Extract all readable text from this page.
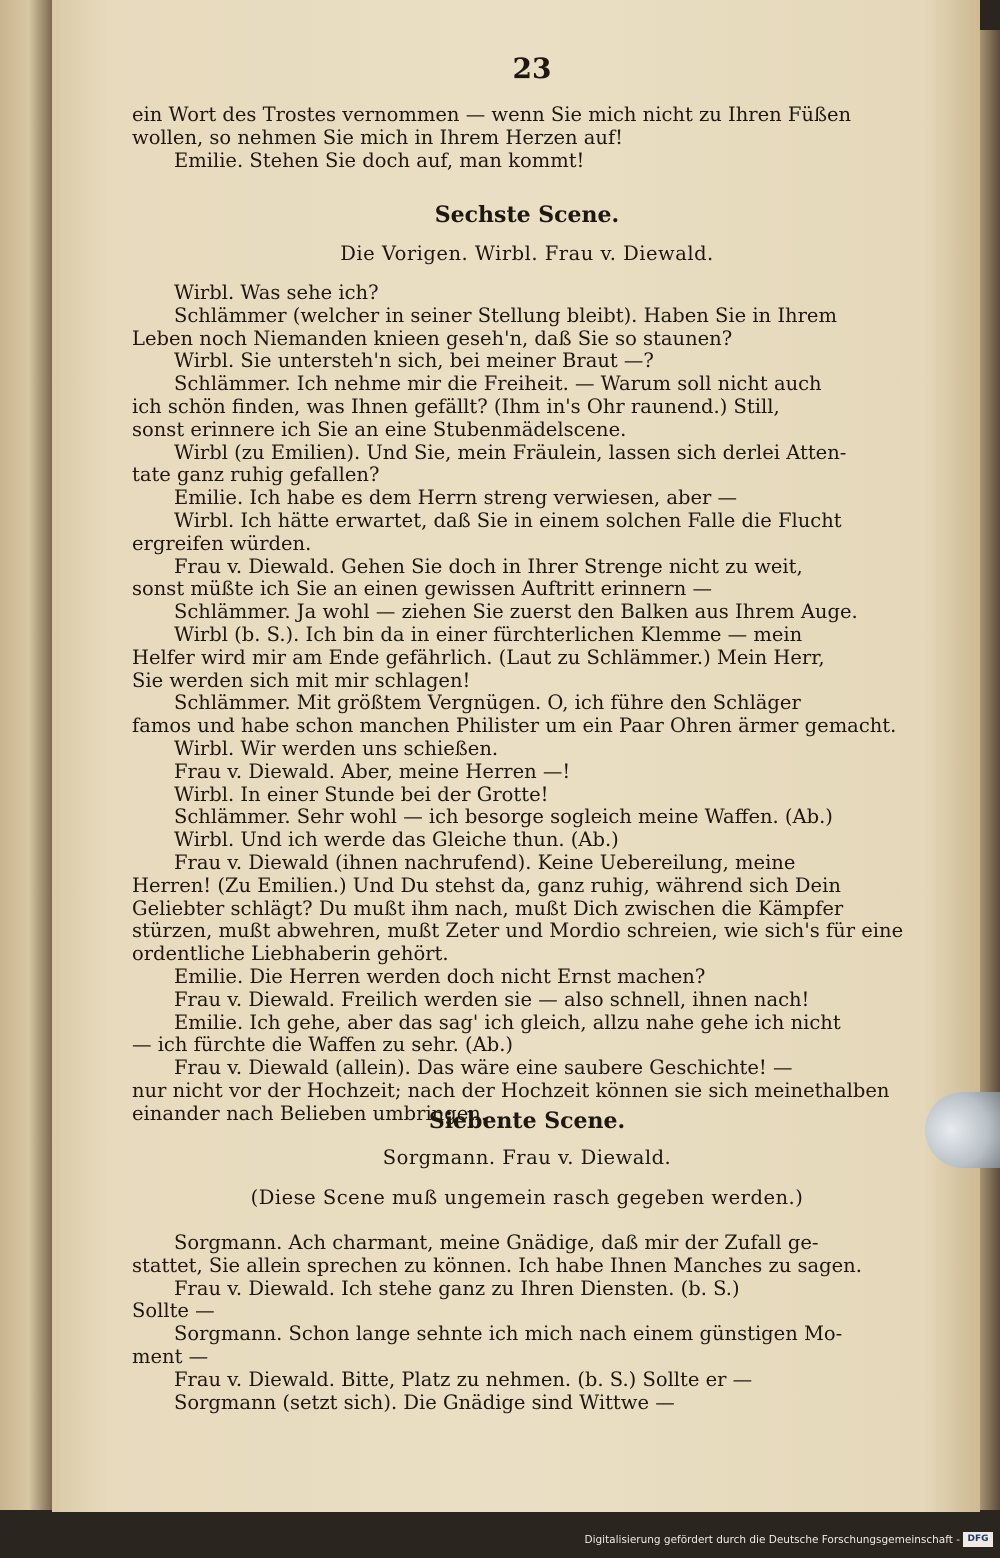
23
ein Wort des Trostes vernommen — wenn Sie mich nicht zu Ihren Füßen
wollen, so nehmen Sie mich in Ihrem Herzen auf!
Emilie. Stehen Sie doch auf, man kommt!
Sechste Scene.
Die Vorigen. Wirbl. Frau v. Diewald.
Wirbl. Was sehe ich?
Schlämmer (welcher in seiner Stellung bleibt). Haben Sie in Ihrem
Leben noch Niemanden knieen geseh'n, daß Sie so staunen?
Wirbl. Sie untersteh'n sich, bei meiner Braut —?
Schlämmer. Ich nehme mir die Freiheit. — Warum soll nicht auch
ich schön finden, was Ihnen gefällt? (Ihm in's Ohr raunend.) Still,
sonst erinnere ich Sie an eine Stubenmädelscene.
Wirbl (zu Emilien). Und Sie, mein Fräulein, lassen sich derlei Atten-
tate ganz ruhig gefallen?
Emilie. Ich habe es dem Herrn streng verwiesen, aber —
Wirbl. Ich hätte erwartet, daß Sie in einem solchen Falle die Flucht
ergreifen würden.
Frau v. Diewald. Gehen Sie doch in Ihrer Strenge nicht zu weit,
sonst müßte ich Sie an einen gewissen Auftritt erinnern —
Schlämmer. Ja wohl — ziehen Sie zuerst den Balken aus Ihrem Auge.
Wirbl (b. S.). Ich bin da in einer fürchterlichen Klemme — mein
Helfer wird mir am Ende gefährlich. (Laut zu Schlämmer.) Mein Herr,
Sie werden sich mit mir schlagen!
Schlämmer. Mit größtem Vergnügen. O, ich führe den Schläger
famos und habe schon manchen Philister um ein Paar Ohren ärmer gemacht.
Wirbl. Wir werden uns schießen.
Frau v. Diewald. Aber, meine Herren —!
Wirbl. In einer Stunde bei der Grotte!
Schlämmer. Sehr wohl — ich besorge sogleich meine Waffen. (Ab.)
Wirbl. Und ich werde das Gleiche thun. (Ab.)
Frau v. Diewald (ihnen nachrufend). Keine Uebereilung, meine
Herren! (Zu Emilien.) Und Du stehst da, ganz ruhig, während sich Dein
Geliebter schlägt? Du mußt ihm nach, mußt Dich zwischen die Kämpfer
stürzen, mußt abwehren, mußt Zeter und Mordio schreien, wie sich's für eine
ordentliche Liebhaberin gehört.
Emilie. Die Herren werden doch nicht Ernst machen?
Frau v. Diewald. Freilich werden sie — also schnell, ihnen nach!
Emilie. Ich gehe, aber das sag' ich gleich, allzu nahe gehe ich nicht
— ich fürchte die Waffen zu sehr. (Ab.)
Frau v. Diewald (allein). Das wäre eine saubere Geschichte! —
nur nicht vor der Hochzeit; nach der Hochzeit können sie sich meinethalben
einander nach Belieben umbringen.
Siebente Scene.
Sorgmann. Frau v. Diewald.
(Diese Scene muß ungemein rasch gegeben werden.)
Sorgmann. Ach charmant, meine Gnädige, daß mir der Zufall ge-
stattet, Sie allein sprechen zu können. Ich habe Ihnen Manches zu sagen.
Frau v. Diewald. Ich stehe ganz zu Ihren Diensten. (b. S.)
Sollte —
Sorgmann. Schon lange sehnte ich mich nach einem günstigen Mo-
ment —
Frau v. Diewald. Bitte, Platz zu nehmen. (b. S.) Sollte er —
Sorgmann (setzt sich). Die Gnädige sind Wittwe —
Digitalisierung gefördert durch die Deutsche Forschungsgemeinschaft - DFG
